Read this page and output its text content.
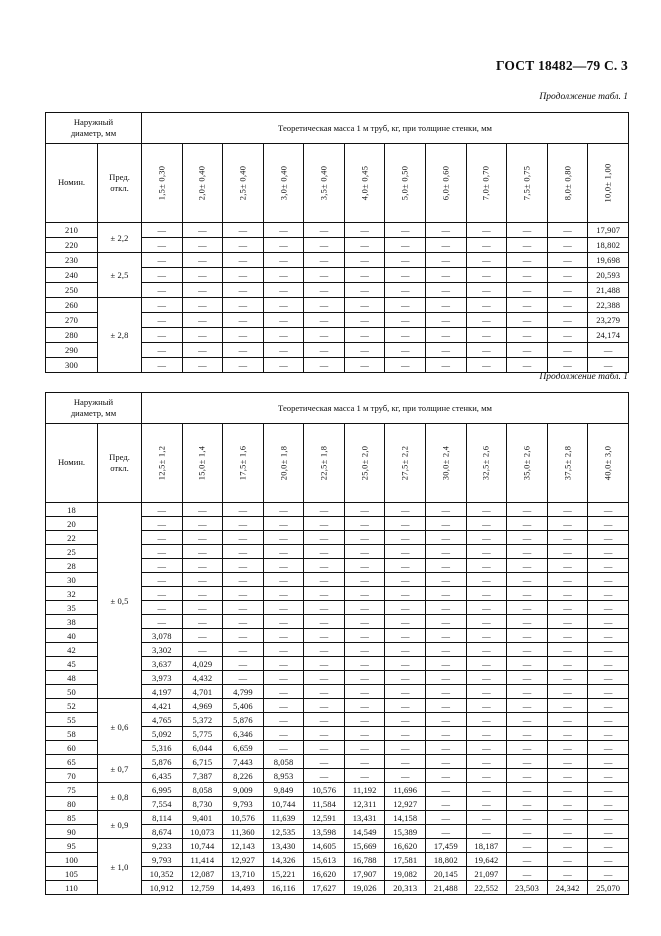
ГОСТ 18482—79 С. 3
Продолжение табл. 1
Наружный
диаметр, мм		Теоретическая масса 1 м труб, кг, при толщине стенки, мм											
Номин.	Пред.
откл.	1,5± 0,30	2,0± 0,40	2,5± 0,40	3,0± 0,40	3,5± 0,40	4,0± 0,45	5,0± 0,50	6,0± 0,60	7,0± 0,70	7,5± 0,75	8,0± 0,80	10,0± 1,00

210	± 2,2	—	—	—	—	—	—	—	—	—	—	—	17,907
220		—	—	—	—	—	—	—	—	—	—	—	18,802
230	± 2,5	—	—	—	—	—	—	—	—	—	—	—	19,698
240		—	—	—	—	—	—	—	—	—	—	—	20,593
250		—	—	—	—	—	—	—	—	—	—	—	21,488
260	± 2,8	—	—	—	—	—	—	—	—	—	—	—	22,388
270		—	—	—	—	—	—	—	—	—	—	—	23,279
280		—	—	—	—	—	—	—	—	—	—	—	24,174
290		—	—	—	—	—	—	—	—	—	—	—	—
300		—	—	—	—	—	—	—	—	—	—	—	—
Продолжение табл. 1
Наружный
диаметр, мм		Теоретическая масса 1 м труб, кг, при толщине стенки, мм											
Номин.	Пред.
откл.	12,5± 1,2	15,0± 1,4	17,5± 1,6	20,0± 1,8	22,5± 1,8	25,0± 2,0	27,5± 2,2	30,0± 2,4	32,5± 2,6	35,0± 2,6	37,5± 2,8	40,0± 3,0

18	± 0,5	—	—	—	—	—	—	—	—	—	—	—	—
20		—	—	—	—	—	—	—	—	—	—	—	—
22		—	—	—	—	—	—	—	—	—	—	—	—
25		—	—	—	—	—	—	—	—	—	—	—	—
28		—	—	—	—	—	—	—	—	—	—	—	—
30		—	—	—	—	—	—	—	—	—	—	—	—
32		—	—	—	—	—	—	—	—	—	—	—	—
35		—	—	—	—	—	—	—	—	—	—	—	—
38		—	—	—	—	—	—	—	—	—	—	—	—
40		3,078	—	—	—	—	—	—	—	—	—	—	—
42		3,302	—	—	—	—	—	—	—	—	—	—	—
45		3,637	4,029	—	—	—	—	—	—	—	—	—	—
48		3,973	4,432	—	—	—	—	—	—	—	—	—	—
50		4,197	4,701	4,799	—	—	—	—	—	—	—	—	—
52	± 0,6	4,421	4,969	5,406	—	—	—	—	—	—	—	—	—
55		4,765	5,372	5,876	—	—	—	—	—	—	—	—	—
58		5,092	5,775	6,346	—	—	—	—	—	—	—	—	—
60		5,316	6,044	6,659	—	—	—	—	—	—	—	—	—
65	± 0,7	5,876	6,715	7,443	8,058	—	—	—	—	—	—	—	—
70		6,435	7,387	8,226	8,953	—	—	—	—	—	—	—	—
75	± 0,8	6,995	8,058	9,009	9,849	10,576	11,192	11,696	—	—	—	—	—
80		7,554	8,730	9,793	10,744	11,584	12,311	12,927	—	—	—	—	—
85	± 0,9	8,114	9,401	10,576	11,639	12,591	13,431	14,158	—	—	—	—	—
90		8,674	10,073	11,360	12,535	13,598	14,549	15,389	—	—	—	—	—
95	± 1,0	9,233	10,744	12,143	13,430	14,605	15,669	16,620	17,459	18,187	—	—	—
100		9,793	11,414	12,927	14,326	15,613	16,788	17,581	18,802	19,642	—	—	—
105		10,352	12,087	13,710	15,221	16,620	17,907	19,082	20,145	21,097	—	—	—
110		10,912	12,759	14,493	16,116	17,627	19,026	20,313	21,488	22,552	23,503	24,342	25,070
